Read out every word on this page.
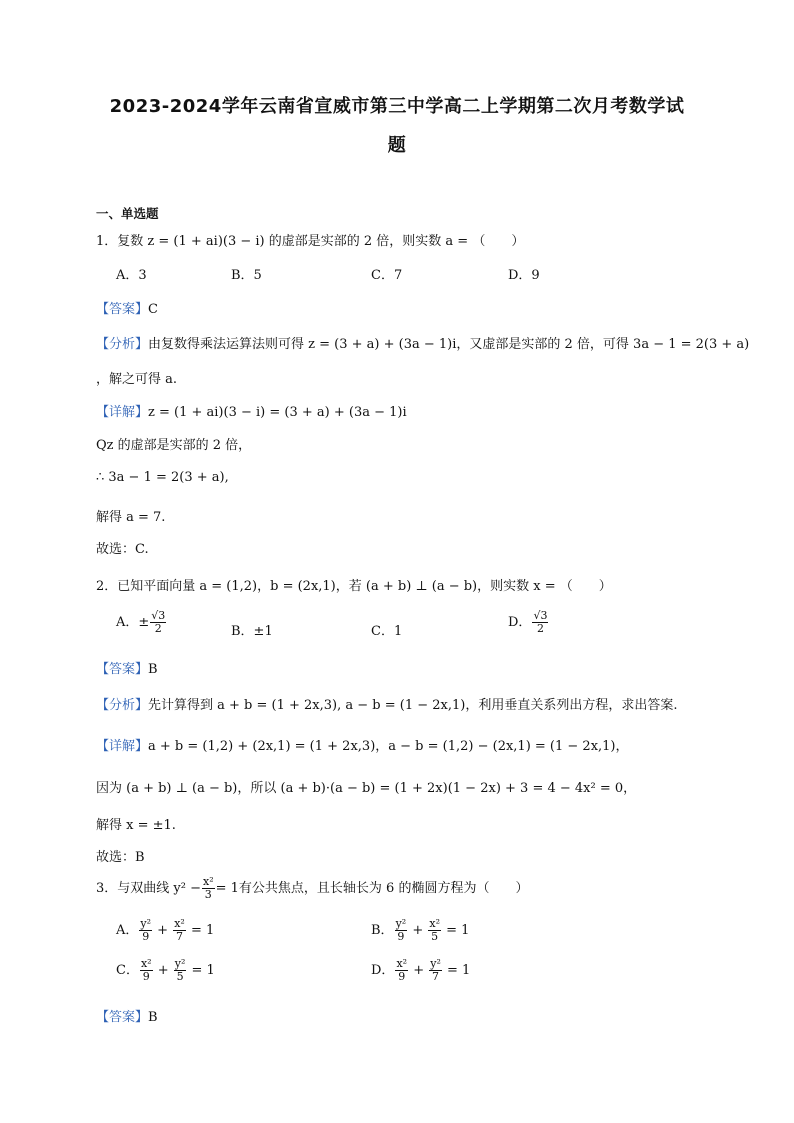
2023-2024学年云南省宣威市第三中学高二上学期第二次月考数学试
题
一、单选题
1．复数 z = (1 + ai)(3 − i) 的虚部是实部的 2 倍，则实数 a = （　　）
A．3	B．5	C．7	D．9
【答案】C
【分析】由复数得乘法运算法则可得 z = (3 + a) + (3a − 1)i，又虚部是实部的 2 倍，可得 3a − 1 = 2(3 + a)
，解之可得 a.
【详解】z = (1 + ai)(3 − i) = (3 + a) + (3a − 1)i
Qz 的虚部是实部的 2 倍，
∴ 3a − 1 = 2(3 + a),
解得 a = 7.
故选：C.
2．已知平面向量 a = (1,2)，b = (2x,1)，若 (a + b) ⊥ (a − b)，则实数 x = （　　）
A．± $\frac{√3}{2}$	B．±1	C．1
D． $\frac{√3}{2}$
【答案】B
【分析】先计算得到 a + b = (1 + 2x,3), a − b = (1 − 2x,1)，利用垂直关系列出方程，求出答案.
【详解】a + b = (1,2) + (2x,1) = (1 + 2x,3)，a − b = (1,2) − (2x,1) = (1 − 2x,1)，
因为 (a + b) ⊥ (a − b)，所以 (a + b)·(a − b) = (1 + 2x)(1 − 2x) + 3 = 4 − 4x² = 0，
解得 x = ±1.
故选：B
3．与双曲线 $y^2 - \frac{\text{x²}}{3} = 1$有公共焦点，且长轴长为 6 的椭圆方程为（　　）
A． $\frac{\text{y²}}{9} + \frac{\text{x²}}{7} = 1$	B． $\frac{\text{y²}}{9} + \frac{\text{x²}}{5} = 1$
C． $\frac{\text{x²}}{9} + \frac{\text{y²}}{5} = 1$	D． $\frac{\text{x²}}{9} + \frac{\text{y²}}{7} = 1$
【答案】B
